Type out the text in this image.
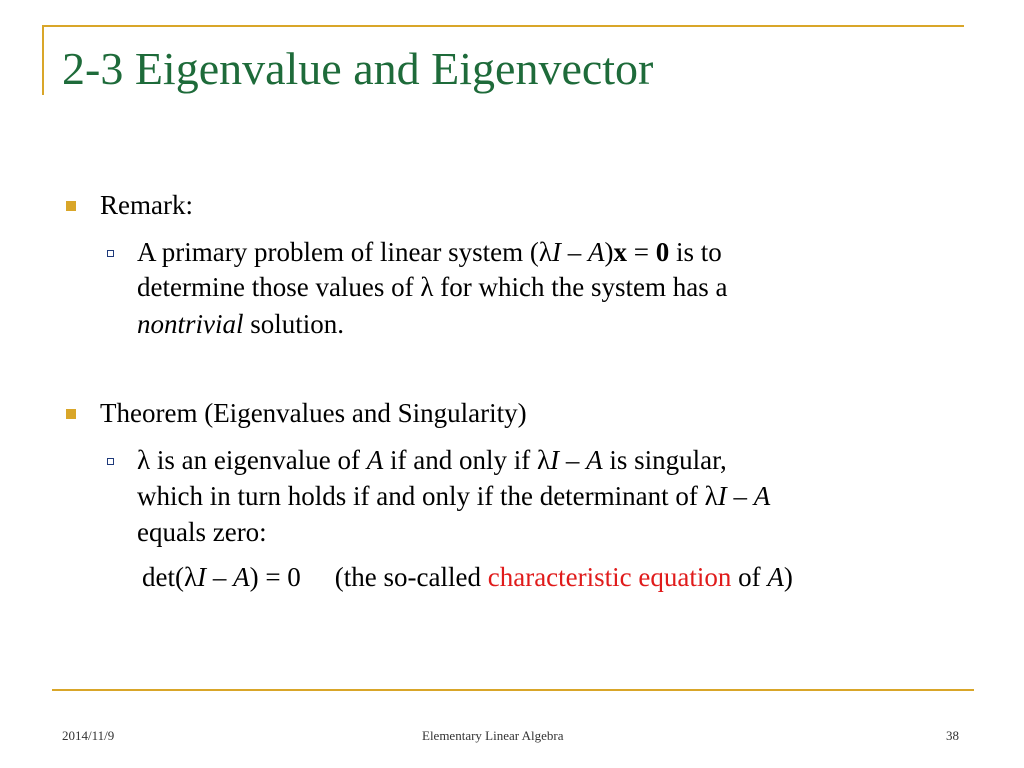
2-3 Eigenvalue and Eigenvector
Remark:
A primary problem of linear system (λI – A)x = 0 is to
determine those values of λ for which the system has a
nontrivial solution.
Theorem (Eigenvalues and Singularity)
λ is an eigenvalue of A if and only if λI – A is singular,
which in turn holds if and only if the determinant of λI – A
equals zero:
det(λI – A) = 0 (the so-called characteristic equation of A)
2014/11/9	Elementary Linear Algebra	38
